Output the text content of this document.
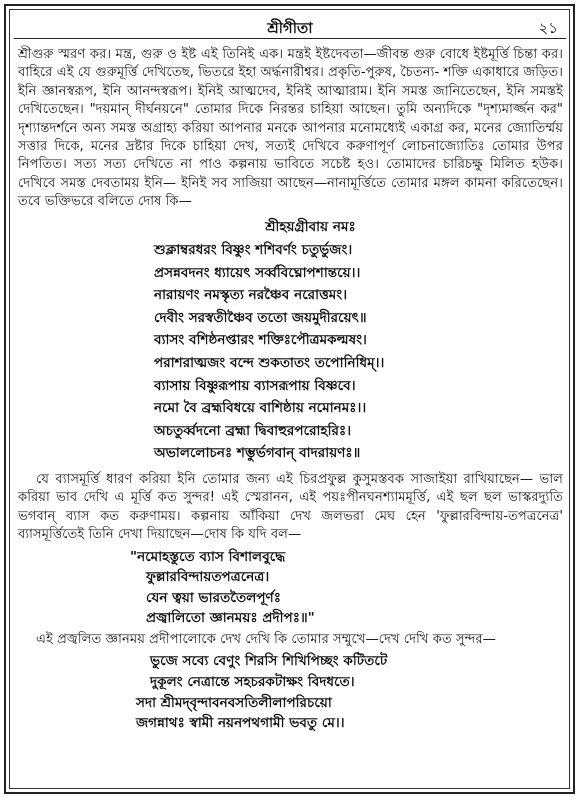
শ্রীগীতা	২১
শ্রীগুরু স্মরণ কর। মন্ত্র, গুরু ও ইষ্ট এই তিনিই এক। মন্ত্রই ইষ্টদেবতা—জীবন্ত গুরু বোধে ইষ্টমূর্ত্তি চিন্তা কর। বাহিরে এই যে গুরুমূর্ত্তি দেখিতেছ, ভিতরে ইহা অর্দ্ধনারীশ্বর। প্রকৃতি-পুরুষ, চৈতন্য- শক্তি একাধারে জড়িত। ইনি জ্ঞানস্বরূপ, ইনি আনন্দস্বরূপ। ইনিই আত্মদেব, ইনিই আত্মারাম। ইনি সমস্ত জানিতেছেন, ইনি সমস্তই দেখিতেছেন। "দয়মান্‌ দীর্ঘনয়নে" তোমার দিকে নিরন্তর চাহিয়া আছেন। তুমি অন্যদিকে "দৃশ্যমার্জ্জন কর" দৃশ্যান্তদর্শনে অন্য সমস্ত অগ্রাহ্য করিয়া আপনার মনকে আপনার মনোমধ্যেই একাগ্র কর, মনের জ্যোতির্ম্ময় সত্তার দিকে, মনের দ্রষ্টার দিকে চাহিয়া দেখ, সত্যই দেখিবে করুণাপূর্ণ লোচনাজ্যোতিঃ তোমার উপর নিপতিত। সত্য সত্য দেখিতে না পাও কল্পনায় ভাবিতে সচেষ্ট হও। তোমাদের চারিচক্ষু মিলিত হউক। দেখিবে সমস্ত দেবতাময় ইনি— ইনিই সব সাজিয়া আছেন—নানামূর্ত্তিতে তোমার মঙ্গল কামনা করিতেছেন। তবে ভক্তিভরে বলিতে দোষ কি—

শ্রীহয়গ্রীবায় নমঃ

শুক্লাম্বরধরং বিষ্ণুং শশিবর্ণং চতুর্ভুজং।

প্রসন্নবদনং ধ্যায়েৎ সর্ব্ববিঘ্নোপশান্তয়ে।।

নারায়ণং নমস্কৃত্য নরঞ্চৈব নরোত্তমং।

দেবীং সরস্বতীঞ্চৈব ততো জয়মুদীরয়েৎ॥

ব্যাসং বশিষ্ঠনপ্তারং শক্তিঃপৌত্রমকল্মষং।

পরাশরাত্মজং বন্দে শুকতাতং তপোনিধিম্‌।।

ব্যাসায় বিষ্ণুরূপায় ব্যাসরূপায় বিষ্ণবে।

নমো বৈ ব্রহ্মবিধয়ে বাশিষ্ঠায় নমোনমঃ।।

অচতুর্ব্বদনো ব্রহ্মা দ্বিবাহুরপরোহরিঃ।

অভাললোচনঃ শম্ভুর্ভগবান্‌ বাদরায়ণঃ॥

যে ব্যাসমূর্ত্তি ধারণ করিয়া ইনি তোমার জন্য এই চিরপ্রফুল্ল কুসুমস্তবক সাজাইয়া রাখিয়াছেন— ভাল করিয়া ভাব দেখি এ মূর্ত্তি কত সুন্দর! এই স্মেরানন, এই পয়ঃপীনঘনশ্যামমূর্ত্তি, এই ছল ছল ভাস্করদ্যুতি ভগবান্‌ ব্যাস কত করুণাময়। কল্পনায় আঁকিয়া দেখ জলভরা মেঘ হেন 'ফুল্লারবিন্দায়-তপত্রনেত্র' ব্যাসমূর্ত্তিতেই তিনি দেখা দিয়াছেন—দোষ কি যদি বল—

"নমোহস্তুতে ব্যাস বিশালবুদ্ধে

ফুল্লারবিন্দায়তপত্রনেত্র।

যেন ত্বয়া ভারততৈলপূর্ণঃ

প্রজ্বালিতো জ্ঞানময়ঃ প্রদীপঃ॥"

এই প্রজ্বলিত জ্ঞানময় প্রদীপালোকে দেখ দেখি কি তোমার সম্মুখে—দেখ দেখি কত সুন্দর—

ভুজে সব্যে বেণুং শিরসি শিখিপিচ্ছং কটিতটে

দুকূলং নেত্রান্তে সহচরকটাক্ষং বিদধতে।

সদা শ্রীমদ্‌বৃন্দাবনবসতিলীলাপরিচয়ো

জগন্নাথঃ স্বামী নয়নপথগামী ভবতু মে।।
